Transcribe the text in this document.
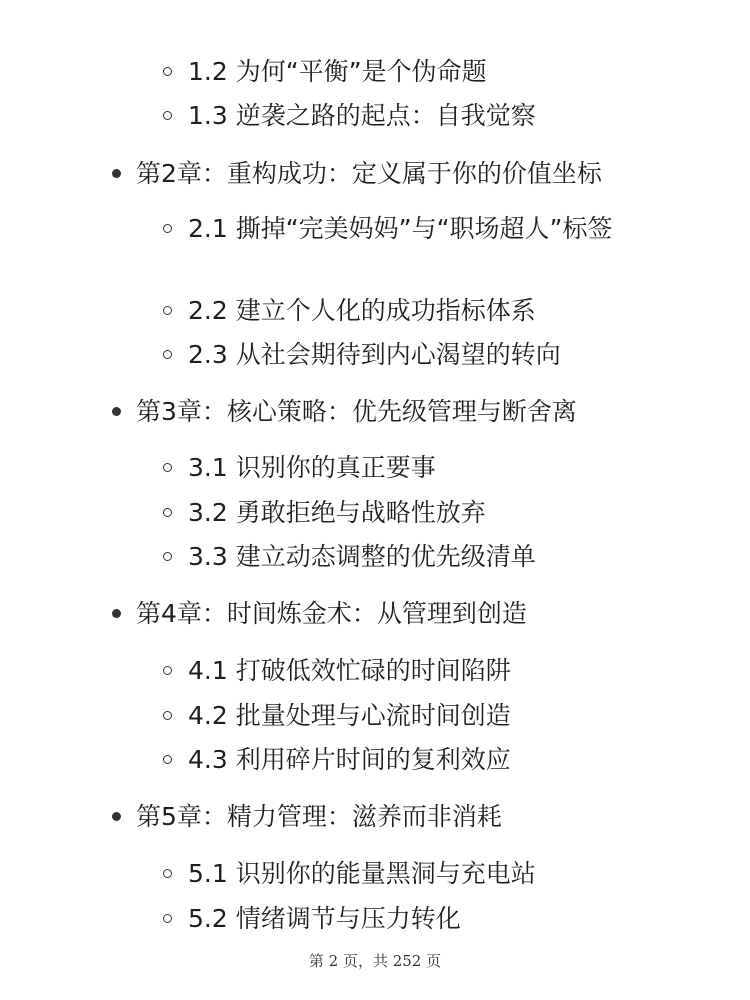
1.2 为何“平衡”是个伪命题
1.3 逆袭之路的起点：自我觉察
第2章：重构成功：定义属于你的价值坐标
2.1 撕掉“完美妈妈”与“职场超人”标签
2.2 建立个人化的成功指标体系
2.3 从社会期待到内心渴望的转向
第3章：核心策略：优先级管理与断舍离
3.1 识别你的真正要事
3.2 勇敢拒绝与战略性放弃
3.3 建立动态调整的优先级清单
第4章：时间炼金术：从管理到创造
4.1 打破低效忙碌的时间陷阱
4.2 批量处理与心流时间创造
4.3 利用碎片时间的复利效应
第5章：精力管理：滋养而非消耗
5.1 识别你的能量黑洞与充电站
5.2 情绪调节与压力转化
第 2 页，共 252 页
